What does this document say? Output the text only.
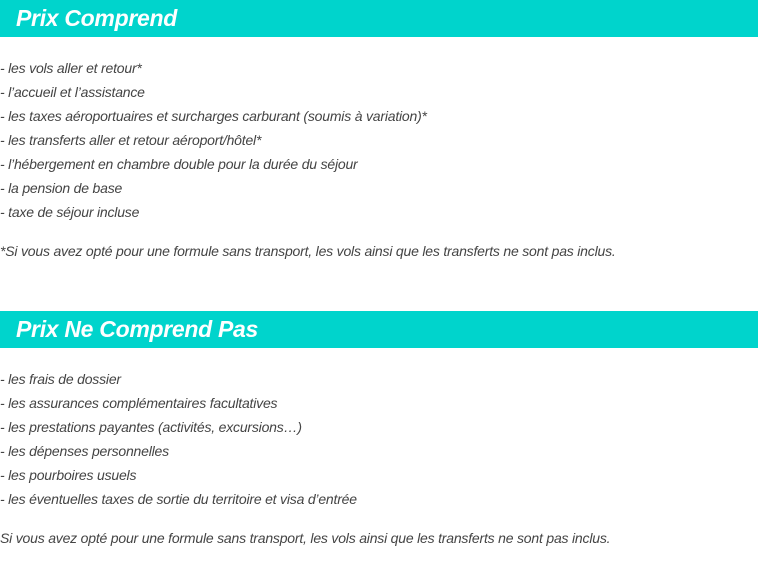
Prix Comprend
- les vols aller et retour*
- l’accueil et l’assistance
- les taxes aéroportuaires et surcharges carburant (soumis à variation)*
- les transferts aller et retour aéroport/hôtel*
- l’hébergement en chambre double pour la durée du séjour
- la pension de base
- taxe de séjour incluse
*Si vous avez opté pour une formule sans transport, les vols ainsi que les transferts ne sont pas inclus.
Prix Ne Comprend Pas
- les frais de dossier
- les assurances complémentaires facultatives
- les prestations payantes (activités, excursions…)
- les dépenses personnelles
- les pourboires usuels
- les éventuelles taxes de sortie du territoire et visa d’entrée
Si vous avez opté pour une formule sans transport, les vols ainsi que les transferts ne sont pas inclus.
